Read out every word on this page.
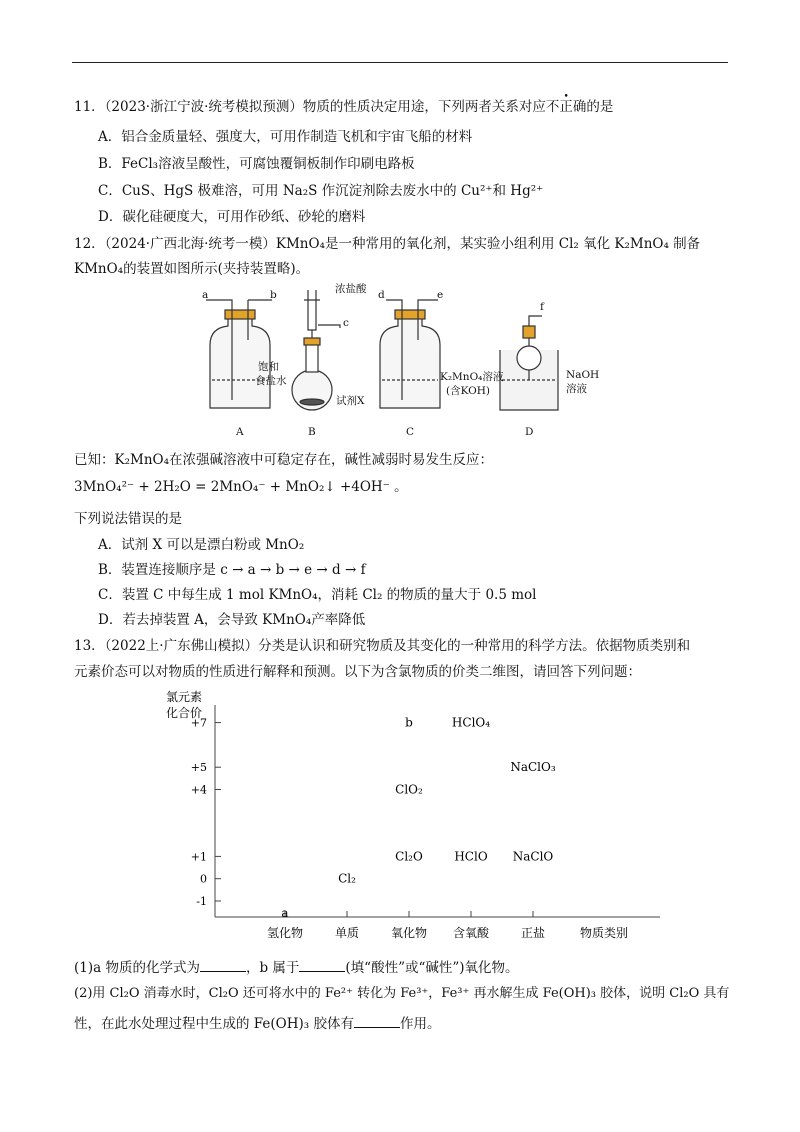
11．（2023·浙江宁波·统考模拟预测）物质的性质决定用途，下列两者关系对应不正确的是
A．铝合金质量轻、强度大，可用作制造飞机和宇宙飞船的材料
B．FeCl₃溶液呈酸性，可腐蚀覆铜板制作印刷电路板
C．CuS、HgS 极难溶，可用 Na₂S 作沉淀剂除去废水中的 Cu²⁺和 Hg²⁺
D．碳化硅硬度大，可用作砂纸、砂轮的磨料
12．（2024·广西北海·统考一模）KMnO₄是一种常用的氧化剂，某实验小组利用 Cl₂ 氧化 K₂MnO₄ 制备
KMnO₄的装置如图所示(夹持装置略)。
a	b	浓盐酸
c
d	e
f
饱和
食盐水
试剂X
K₂MnO₄溶液
(含KOH)
NaOH
溶液
A	B	C	D
已知：K₂MnO₄在浓强碱溶液中可稳定存在，碱性减弱时易发生反应：
3MnO₄²⁻ + 2H₂O = 2MnO₄⁻ + MnO₂↓ +4OH⁻ 。
下列说法错误的是
A．试剂 X 可以是漂白粉或 MnO₂
B．装置连接顺序是 c → a → b → e → d → f
C．装置 C 中每生成 1 mol KMnO₄，消耗 Cl₂ 的物质的量大于 0.5 mol
D．若去掉装置 A，会导致 KMnO₄产率降低
13．（2022上·广东佛山模拟）分类是认识和研究物质及其变化的一种常用的科学方法。依据物质类别和
元素价态可以对物质的性质进行解释和预测。以下为含氯物质的价类二维图，请回答下列问题：
氯元素
化合价
物质类别
+7
+5
+4
+1
0
-1
氢化物	单质	氧化物 含氧酸	正盐
a
Cl₂
b
ClO₂
Cl₂O
HClO₄
HClO
NaClO₃
NaClO
(1)a 物质的化学式为	，b 属于	(填“酸性”或“碱性”)氧化物。
(2)用 Cl₂O 消毒水时，Cl₂O 还可将水中的 Fe²⁺ 转化为 Fe³⁺，Fe³⁺ 再水解生成 Fe(OH)₃ 胶体，说明 Cl₂O 具有
性，在此水处理过程中生成的 Fe(OH)₃ 胶体有	作用。
